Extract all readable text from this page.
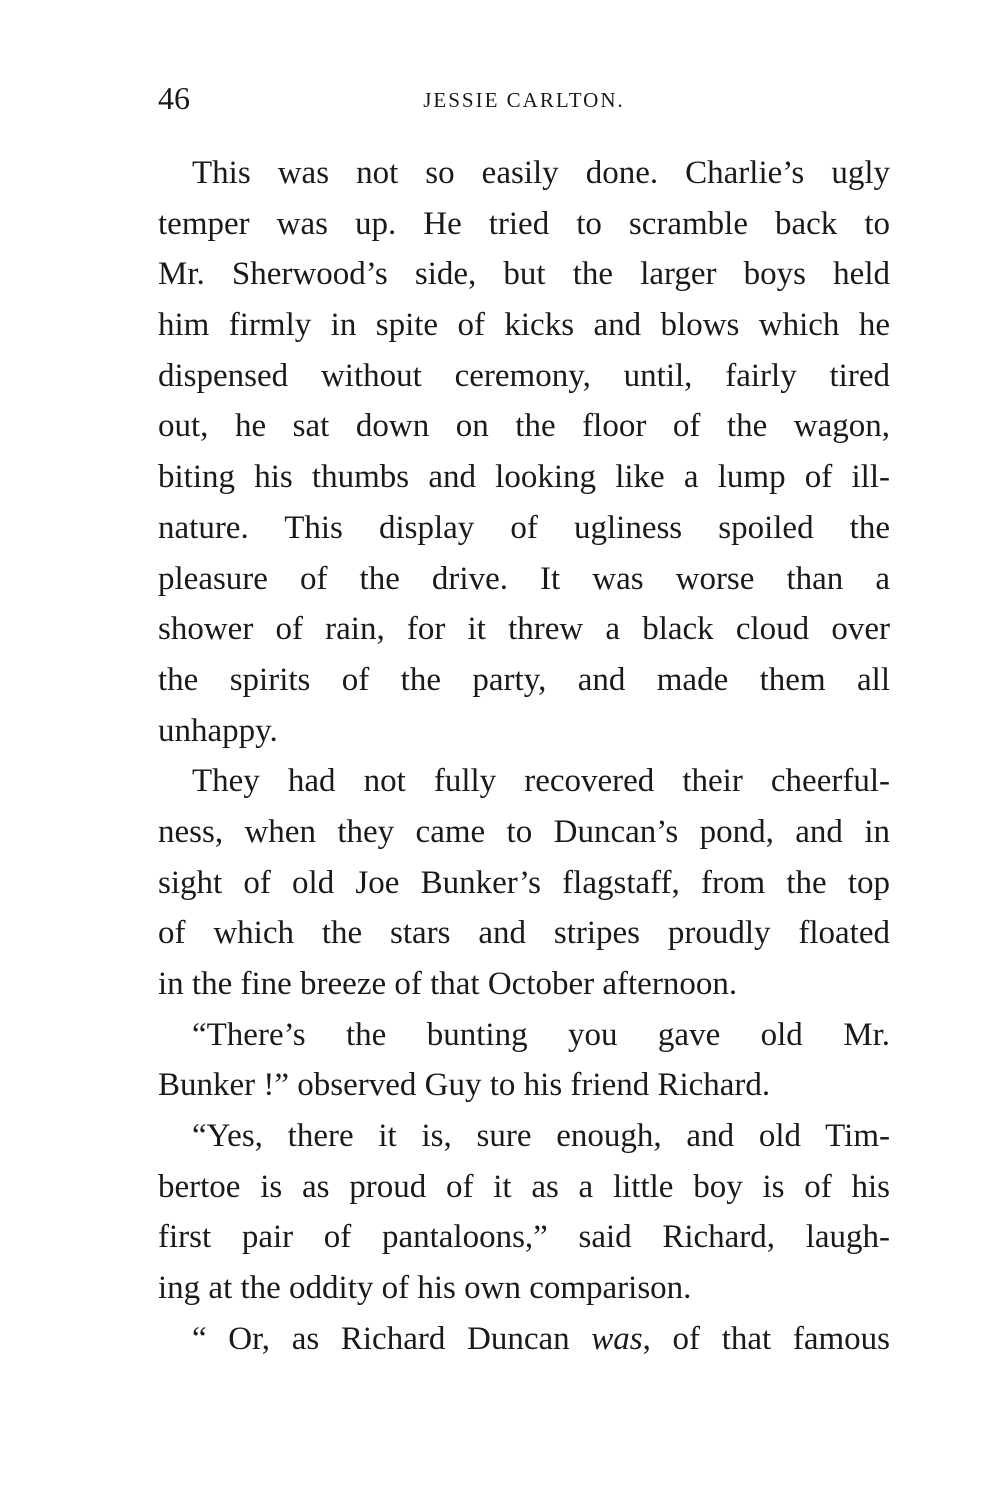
46	JESSIE CARLTON.

This was not so easily done. Charlie’s ugly
temper was up. He tried to scramble back to
Mr. Sherwood’s side, but the larger boys held
him firmly in spite of kicks and blows which he
dispensed without ceremony, until, fairly tired
out, he sat down on the floor of the wagon,
biting his thumbs and looking like a lump of ill-
nature. This display of ugliness spoiled the
pleasure of the drive. It was worse than a
shower of rain, for it threw a black cloud over
the spirits of the party, and made them all
unhappy.

They had not fully recovered their cheerful-
ness, when they came to Duncan’s pond, and in
sight of old Joe Bunker’s flagstaff, from the top
of which the stars and stripes proudly floated
in the fine breeze of that October afternoon.

“There’s the bunting you gave old Mr.
Bunker !” observed Guy to his friend Richard.

“Yes, there it is, sure enough, and old Tim-
bertoe is as proud of it as a little boy is of his
first pair of pantaloons,” said Richard, laugh-
ing at the oddity of his own comparison.

“ Or, as Richard Duncan was, of that famous
